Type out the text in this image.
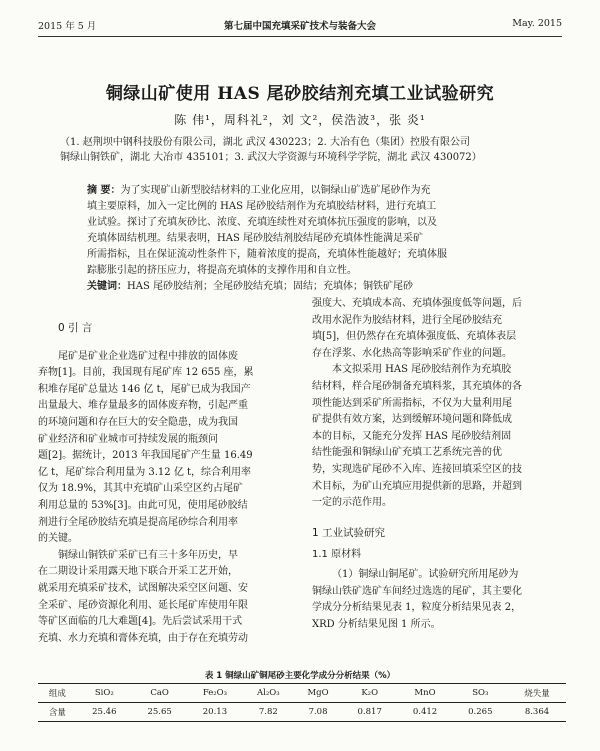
2015 年 5 月	第七届中国充填采矿技术与装备大会	May. 2015
铜绿山矿使用 HAS 尾砂胶结剂充填工业试验研究
陈 伟¹，周科礼²，刘 文²，侯浩波³，张 炎¹
（1. 赵荆坝中钢科技股份有限公司，湖北 武汉 430223；2. 大冶有色（集团）控股有限公司
铜绿山铜铁矿，湖北 大冶市 435101；3. 武汉大学资源与环境科学学院，湖北 武汉 430072）
摘 要：为了实现矿山新型胶结材料的工业化应用，以铜绿山矿选矿尾砂作为充
填主要原料，加入一定比例的 HAS 尾砂胶结剂作为充填胶结材料，进行充填工
业试验。探讨了充填灰砂比、浓度、充填连续性对充填体抗压强度的影响，以及
充填体固结机理。结果表明，HAS 尾砂胶结剂胶结尾砂充填体性能满足采矿
所需指标，且在保证流动性条件下，随着浓度的提高，充填体性能越好；充填体服
踪膨胀引起的挤压应力，将提高充填体的支撑作用和自立性。
关键词：HAS 尾砂胶结剂；全尾砂胶结充填；固结；充填体；铜铁矿尾砂
0 引 言
尾矿是矿业企业选矿过程中排放的固体废
弃物[1]。目前，我国现有尾矿库 12 655 座，累
积堆存尾矿总量达 146 亿 t，尾矿已成为我国产
出量最大、堆存量最多的固体废弃物，引起严重
的环境问题和存在巨大的安全隐患，成为我国
矿业经济和矿业城市可持续发展的瓶颈问
题[2]。据统计，2013 年我国尾矿产生量 16.49
亿 t，尾矿综合利用量为 3.12 亿 t，综合利用率
仅为 18.9%，其其中充填矿山采空区约占尾矿
利用总量的 53%[3]。由此可见，使用尾砂胶结
剂进行全尾砂胶结充填是提高尾砂综合利用率
的关键。
铜绿山铜铁矿采矿已有三十多年历史，早
在二期设计采用露天地下联合开采工艺开始，
就采用充填采矿技术，试图解决采空区问题、安
全采矿、尾砂资源化利用、延长尾矿库使用年限
等矿区面临的几大难题[4]。先后尝试采用干式
充填、水力充填和膏体充填，由于存在充填劳动
强度大、充填成本高、充填体强度低等问题，后
改用水泥作为胶结材料，进行全尾砂胶结充
填[5]，但仍然存在充填体强度低、充填体表层
存在浮浆、水化热高等影响采矿作业的问题。
本文拟采用 HAS 尾砂胶结剂作为充填胶
结材料，样合尾砂制备充填料浆，其充填体的各
项性能达到采矿所需指标，不仅为大量利用尾
矿提供有效方案，达到缓解环境问题和降低成
本的目标，又能充分发挥 HAS 尾砂胶结剂固
结性能强和铜绿山矿充填工艺系统完善的优
势，实现选矿尾砂不入库、连接回填采空区的技
术目标，为矿山充填应用提供新的思路，并超到
一定的示范作用。
1 工业试验研究
1.1 原材料
（1）铜绿山铜尾矿。试验研究所用尾砂为
铜绿山铁矿选矿车间经过选选的尾矿，其主要化
学成分分析结果见表 1，粒度分析结果见表 2，
XRD 分析结果见图 1 所示。
表 1 铜绿山矿铜尾砂主要化学成分分析结果（%）
组成	SiO₂	CaO	Fe₂O₃	Al₂O₃	MgO	K₂O	MnO	SO₃	烧失量
含量	25.46	25.65	20.13	7.82	7.08	0.817	0.412	0.265	8.364
